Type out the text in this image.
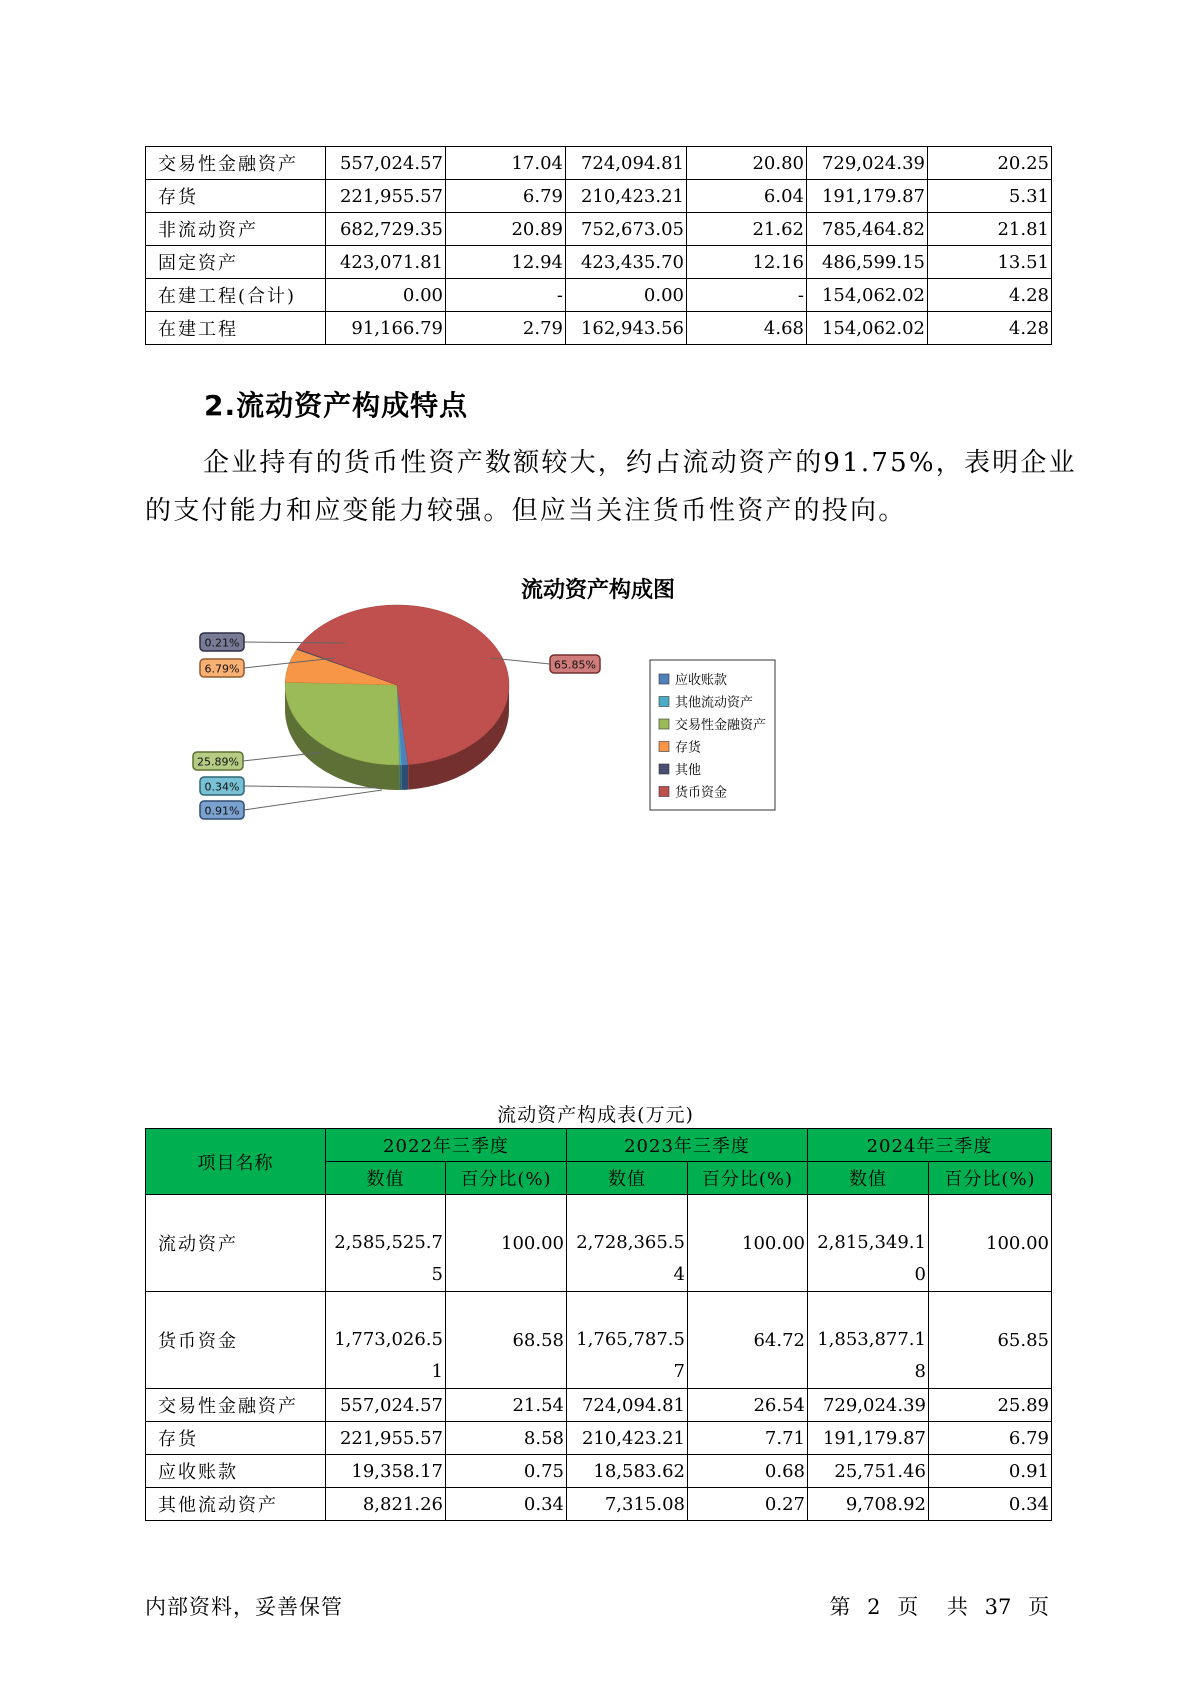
交易性金融资产	557,024.57	17.04	724,094.81	20.80	729,024.39	20.25
存货	221,955.57	6.79	210,423.21	6.04	191,179.87	5.31
非流动资产	682,729.35	20.89	752,673.05	21.62	785,464.82	21.81
固定资产	423,071.81	12.94	423,435.70	12.16	486,599.15	13.51
在建工程(合计)	0.00	-	0.00	-	154,062.02	4.28
在建工程	91,166.79	2.79	162,943.56	4.68	154,062.02	4.28
2.流动资产构成特点
企业持有的货币性资产数额较大，约占流动资产的91.75%，表明企业
的支付能力和应变能力较强。但应当关注货币性资产的投向。
流动资产构成图
0.21%
6.79%	65.85%
25.89%
0.34%
0.91%
应收账款
其他流动资产
交易性金融资产
存货
其他
货币资金
流动资产构成表(万元)
项目名称	2022年三季度		2023年三季度		2024年三季度	
	数值	百分比(%)	数值	百分比(%)	数值	百分比(%)
流动资产	2,585,525.75	100.00	2,728,365.54	100.00	2,815,349.10	100.00
货币资金	1,773,026.51	68.58	1,765,787.57	64.72	1,853,877.18	65.85
交易性金融资产	557,024.57	21.54	724,094.81	26.54	729,024.39	25.89
存货	221,955.57	8.58	210,423.21	7.71	191,179.87	6.79
应收账款	19,358.17	0.75	18,583.62	0.68	25,751.46	0.91
其他流动资产	8,821.26	0.34	7,315.08	0.27	9,708.92	0.34
内部资料，妥善保管	第 2 页 共 37 页
